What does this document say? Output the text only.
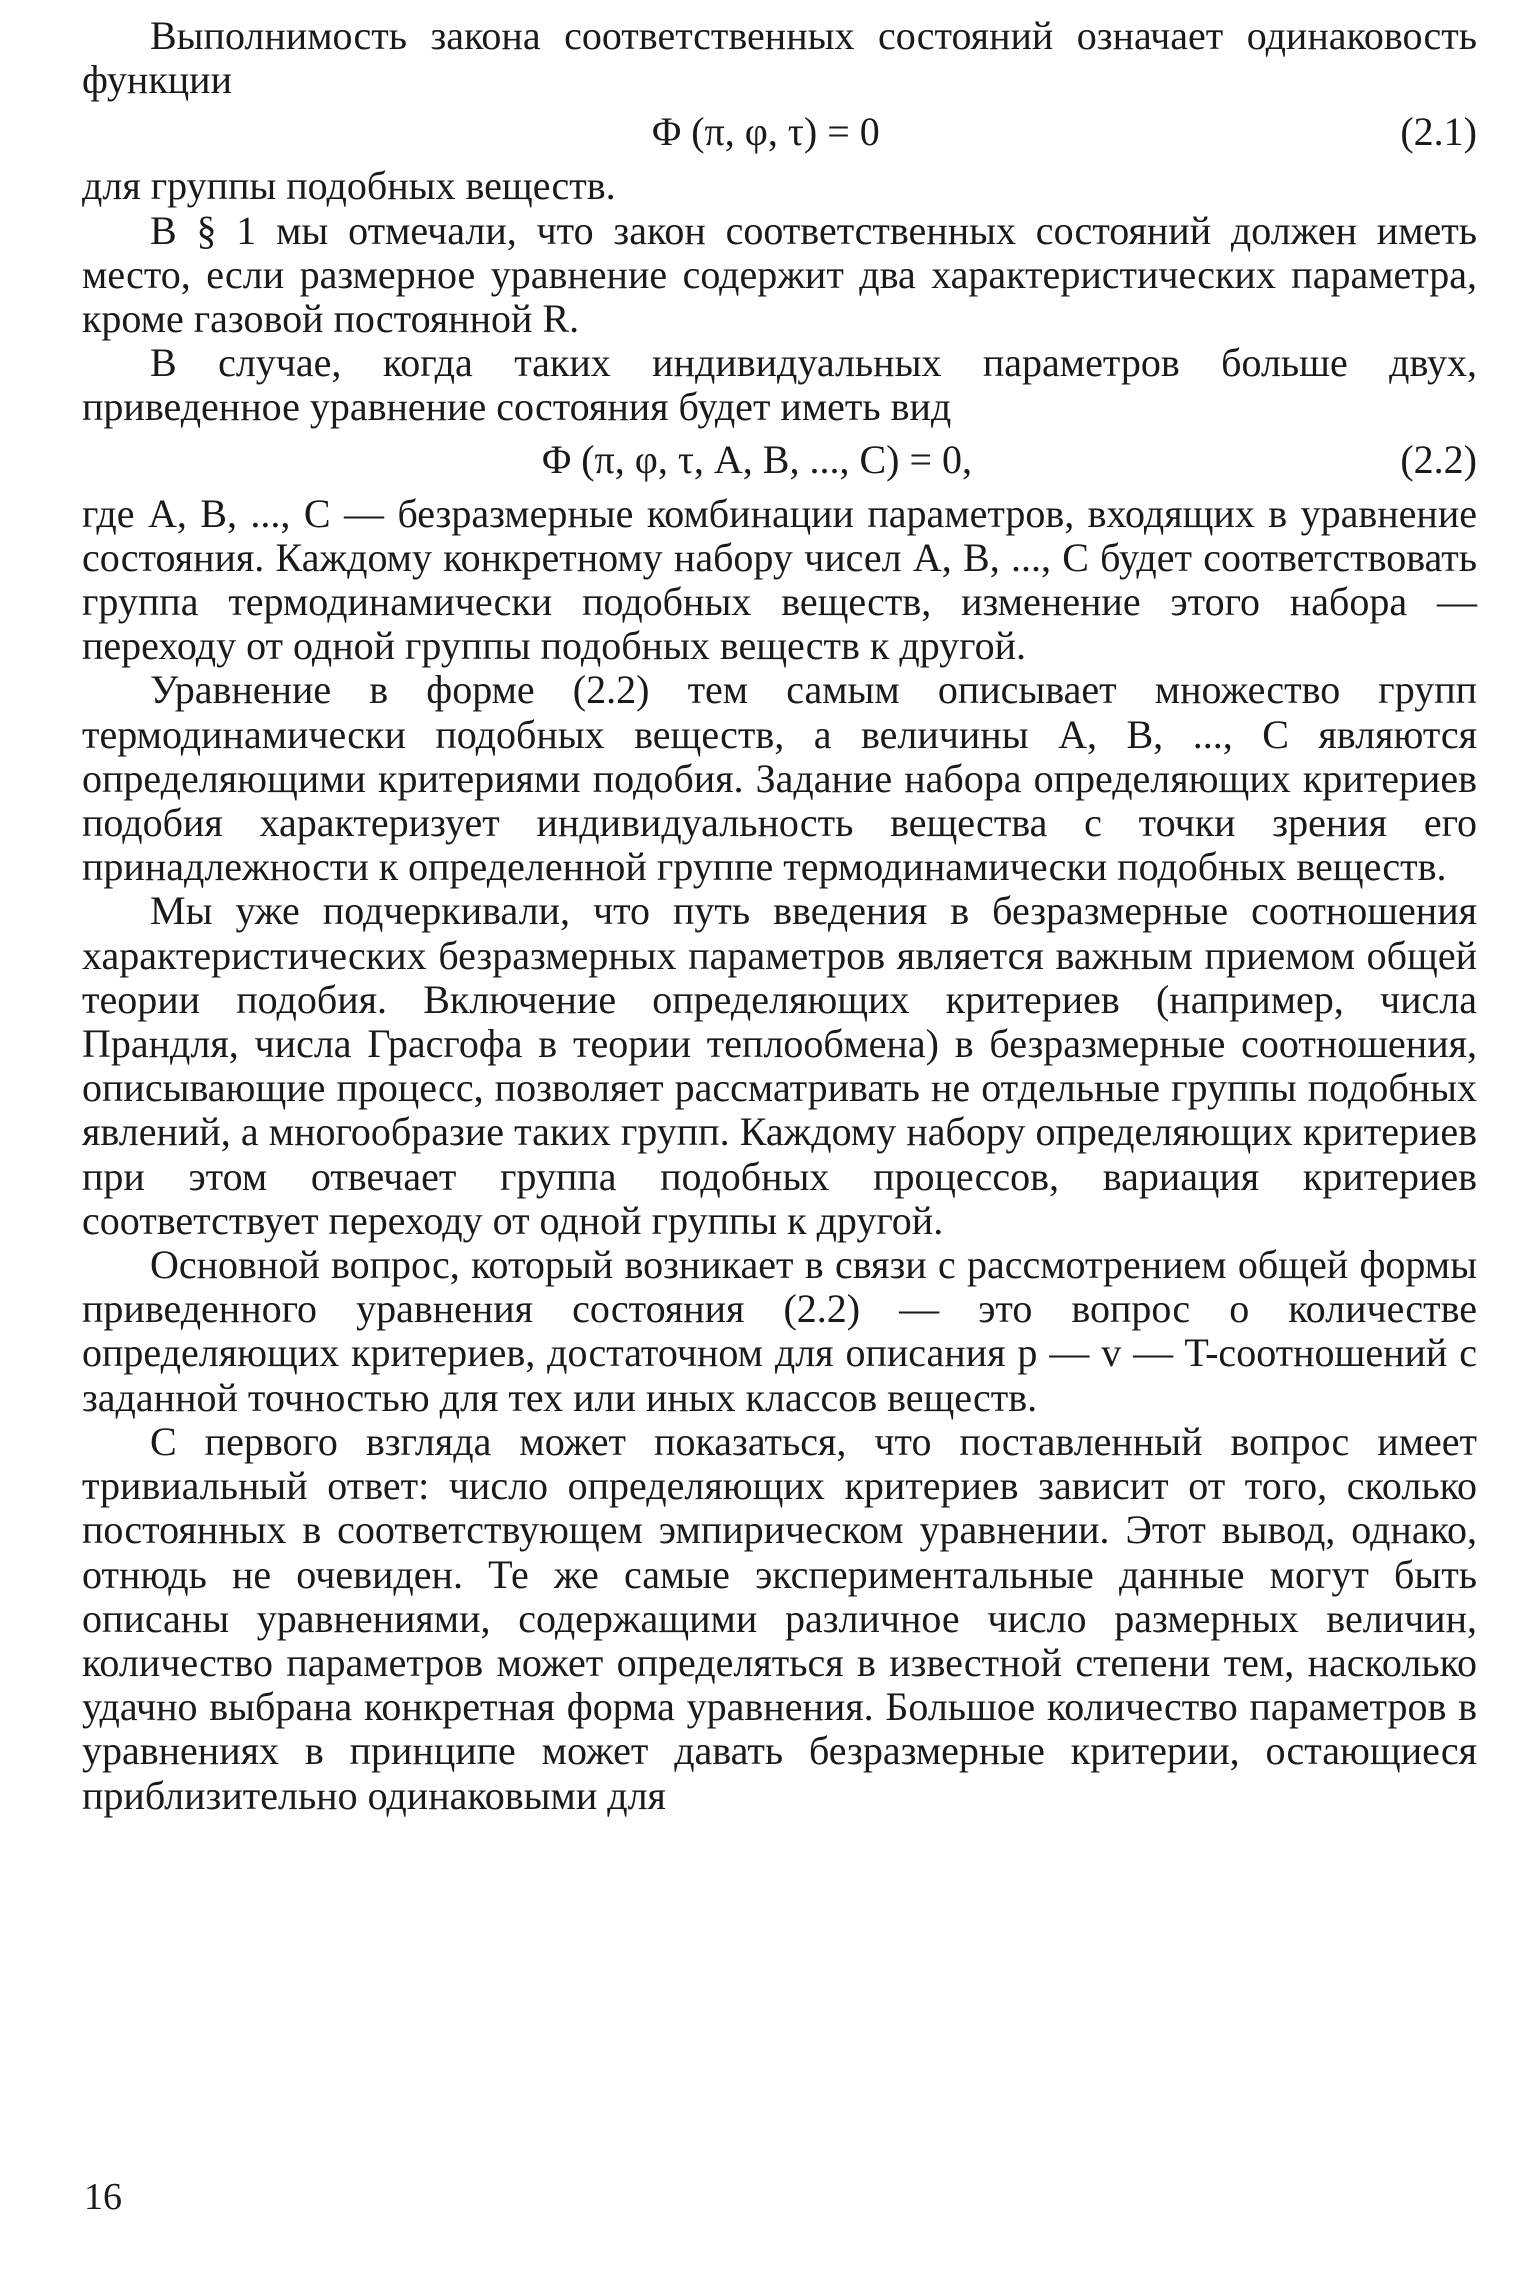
Выполнимость закона соответственных состояний означает одинаковость функции

Φ (π, φ, τ) = 0	(2.1)

для группы подобных веществ.

В § 1 мы отмечали, что закон соответственных состояний должен иметь место, если размерное уравнение содержит два характеристических параметра, кроме газовой постоянной R.

В случае, когда таких индивидуальных параметров больше двух, приведенное уравнение состояния будет иметь вид

Φ (π, φ, τ, A, B, ..., C) = 0,	(2.2)

где A, B, ..., C — безразмерные комбинации параметров, входящих в уравнение состояния. Каждому конкретному набору чисел A, B, ..., C будет соответствовать группа термодинамически подобных веществ, изменение этого набора — переходу от одной группы подобных веществ к другой.

Уравнение в форме (2.2) тем самым описывает множество групп термодинамически подобных веществ, а величины A, B, ..., C являются определяющими критериями подобия. Задание набора определяющих критериев подобия характеризует индивидуальность вещества с точки зрения его принадлежности к определенной группе термодинамически подобных веществ.

Мы уже подчеркивали, что путь введения в безразмерные соотношения характеристических безразмерных параметров является важным приемом общей теории подобия. Включение определяющих критериев (например, числа Прандля, числа Грасгофа в теории теплообмена) в безразмерные соотношения, описывающие процесс, позволяет рассматривать не отдельные группы подобных явлений, а многообразие таких групп. Каждому набору определяющих критериев при этом отвечает группа подобных процессов, вариация критериев соответствует переходу от одной группы к другой.

Основной вопрос, который возникает в связи с рассмотрением общей формы приведенного уравнения состояния (2.2) — это вопрос о количестве определяющих критериев, достаточном для описания p — v — T-соотношений с заданной точностью для тех или иных классов веществ.

С первого взгляда может показаться, что поставленный вопрос имеет тривиальный ответ: число определяющих критериев зависит от того, сколько постоянных в соответствующем эмпирическом уравнении. Этот вывод, однако, отнюдь не очевиден. Те же самые экспериментальные данные могут быть описаны уравнениями, содержащими различное число размерных величин, количество параметров может определяться в известной степени тем, насколько удачно выбрана конкретная форма уравнения. Большое количество параметров в уравнениях в принципе может давать безразмерные критерии, остающиеся приблизительно одинаковыми для

16
